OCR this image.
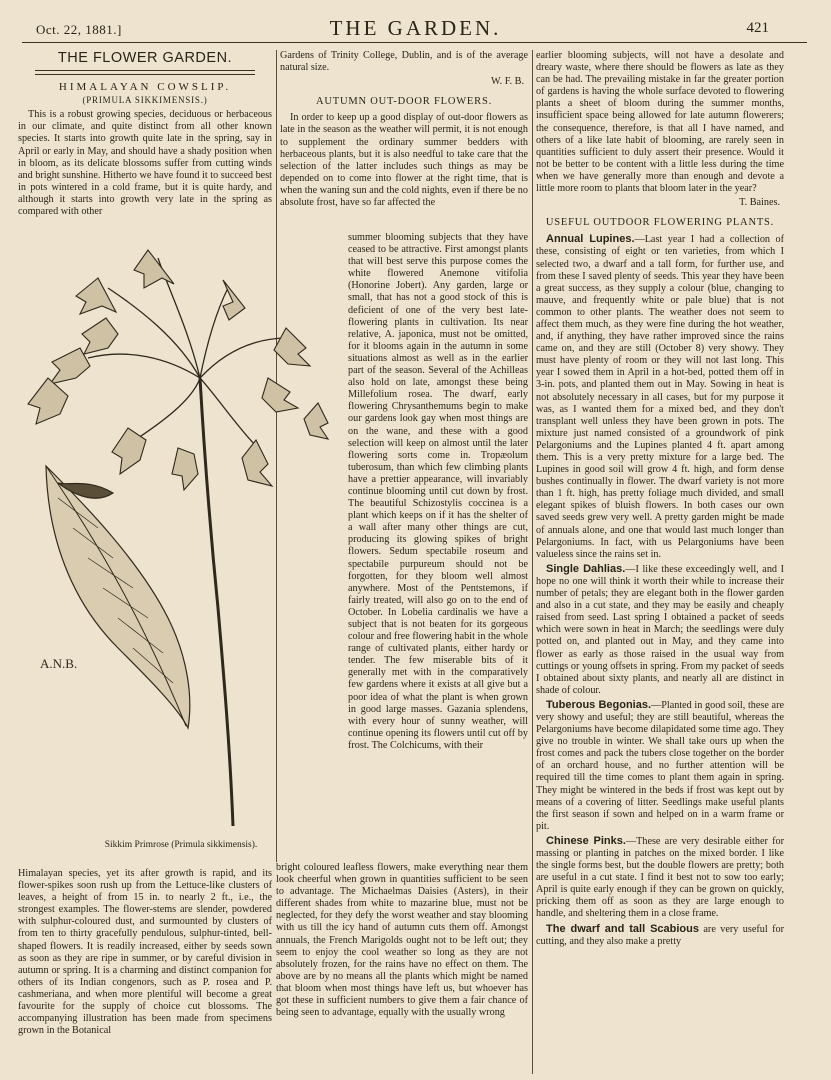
Oct. 22, 1881.]	THE GARDEN.	421
THE FLOWER GARDEN.
HIMALAYAN COWSLIP.
(PRIMULA SIKKIMENSIS.)

This is a robust growing species, deciduous or herbaceous in our climate, and quite distinct from all other known species. It starts into growth quite late in the spring, say in April or early in May, and should have a shady position when in bloom, as its delicate blossoms suffer from cutting winds and bright sunshine. Hitherto we have found it to succeed best in pots wintered in a cold frame, but it is quite hardy, and although it starts into growth very late in the spring as compared with other

A.N.B.
Sikkim Primrose (Primula sikkimensis).

Gardens of Trinity College, Dublin, and is of the average natural size.

W. F. B.
AUTUMN OUT-DOOR FLOWERS.

In order to keep up a good display of out-door flowers as late in the season as the weather will permit, it is not enough to supplement the ordinary summer bedders with herbaceous plants, but it is also needful to take care that the selection of the latter includes such things as may be depended on to come into flower at the right time, that is when the waning sun and the cold nights, even if there be no absolute frost, have so far affected the

summer blooming subjects that they have ceased to be attractive. First amongst plants that will best serve this purpose comes the white flowered Anemone vitifolia (Honorine Jobert). Any garden, large or small, that has not a good stock of this is deficient of one of the very best late-flowering plants in cultivation. Its near relative, A. japonica, must not be omitted, for it blooms again in the autumn in some situations almost as well as in the earlier part of the season. Several of the Achilleas also hold on late, amongst these being Millefolium rosea. The dwarf, early flowering Chrysanthemums begin to make our gardens look gay when most things are on the wane, and these with a good selection will keep on almost until the later flowering sorts come in. Tropæolum tuberosum, than which few climbing plants have a prettier appearance, will invariably continue blooming until cut down by frost. The beautiful Schizostylis coccinea is a plant which keeps on if it has the shelter of a wall after many other things are cut, producing its glowing spikes of bright flowers. Sedum spectabile roseum and spectabile purpureum should not be forgotten, for they bloom well almost anywhere. Most of the Pentstemons, if fairly treated, will also go on to the end of October. In Lobelia cardinalis we have a subject that is not beaten for its gorgeous colour and free flowering habit in the whole range of cultivated plants, either hardy or tender. The few miserable bits of it generally met with in the comparatively few gardens where it exists at all give but a poor idea of what the plant is when grown in good large masses. Gazania splendens, with every hour of sunny weather, will continue opening its flowers until cut off by frost. The Colchicums, with their

Himalayan species, yet its after growth is rapid, and its flower-spikes soon rush up from the Lettuce-like clusters of leaves, a height of from 15 in. to nearly 2 ft., i.e., the strongest examples. The flower-stems are slender, powdered with sulphur-coloured dust, and surmounted by clusters of from ten to thirty gracefully pendulous, sulphur-tinted, bell-shaped flowers. It is readily increased, either by seeds sown as soon as they are ripe in summer, or by careful division in autumn or spring. It is a charming and distinct companion for others of its Indian congenors, such as P. rosea and P. cashmeriana, and when more plentiful will become a great favourite for the supply of choice cut blossoms. The accompanying illustration has been made from specimens grown in the Botanical

bright coloured leafless flowers, make everything near them look cheerful when grown in quantities sufficient to be seen to advantage. The Michaelmas Daisies (Asters), in their different shades from white to mazarine blue, must not be neglected, for they defy the worst weather and stay blooming with us till the icy hand of autumn cuts them off. Amongst annuals, the French Marigolds ought not to be left out; they seem to enjoy the cool weather so long as they are not absolutely frozen, for the rains have no effect on them. The above are by no means all the plants which might be named that bloom when most things have left us, but whoever has got these in sufficient numbers to give them a fair chance of being seen to advantage, equally with the usually wrong

earlier blooming subjects, will not have a desolate and dreary waste, where there should be flowers as late as they can be had. The prevailing mistake in far the greater portion of gardens is having the whole surface devoted to flowering plants a sheet of bloom during the summer months, insufficient space being allowed for late autumn flowerers; the consequence, therefore, is that all I have named, and others of a like late habit of blooming, are rarely seen in quantities sufficient to duly assert their presence. Would it not be better to be content with a little less during the time when we have generally more than enough and devote a little more room to plants that bloom later in the year?

T. Baines.
USEFUL OUTDOOR FLOWERING PLANTS.

Annual Lupines.—Last year I had a collection of these, consisting of eight or ten varieties, from which I selected two, a dwarf and a tall form, for further use, and from these I saved plenty of seeds. This year they have been a great success, as they supply a colour (blue, changing to mauve, and frequently white or pale blue) that is not common to other plants. The weather does not seem to affect them much, as they were fine during the hot weather, and, if anything, they have rather improved since the rains came on, and they are still (October 8) very showy. They must have plenty of room or they will not last long. This year I sowed them in April in a hot-bed, potted them off in 3-in. pots, and planted them out in May. Sowing in heat is not absolutely necessary in all cases, but for my purpose it was, as I wanted them for a mixed bed, and they don't transplant well unless they have been grown in pots. The mixture just named consisted of a groundwork of pink Pelargoniums and the Lupines planted 4 ft. apart among them. This is a very pretty mixture for a large bed. The Lupines in good soil will grow 4 ft. high, and form dense bushes continually in flower. The dwarf variety is not more than 1 ft. high, has pretty foliage much divided, and small elegant spikes of bluish flowers. In both cases our own saved seeds grew very well. A pretty garden might be made of annuals alone, and one that would last much longer than Pelargoniums. In fact, with us Pelargoniums have been valueless since the rains set in.

Single Dahlias.—I like these exceedingly well, and I hope no one will think it worth their while to increase their number of petals; they are elegant both in the flower garden and also in a cut state, and they may be easily and cheaply raised from seed. Last spring I obtained a packet of seeds which were sown in heat in March; the seedlings were duly potted on, and planted out in May, and they came into flower as early as those raised in the usual way from cuttings or young offsets in spring. From my packet of seeds I obtained about sixty plants, and nearly all are distinct in shade of colour.

Tuberous Begonias.—Planted in good soil, these are very showy and useful; they are still beautiful, whereas the Pelargoniums have become dilapidated some time ago. They give no trouble in winter. We shall take ours up when the frost comes and pack the tubers close together on the border of an orchard house, and no further attention will be required till the time comes to plant them again in spring. They might be wintered in the beds if frost was kept out by means of a covering of litter. Seedlings make useful plants the first season if sown and helped on in a warm frame or pit.

Chinese Pinks.—These are very desirable either for massing or planting in patches on the mixed border. I like the single forms best, but the double flowers are pretty; both are useful in a cut state. I find it best not to sow too early; April is quite early enough if they can be grown on quickly, pricking them off as soon as they are large enough to handle, and sheltering them in a close frame.

The dwarf and tall Scabious are very useful for cutting, and they also make a pretty
